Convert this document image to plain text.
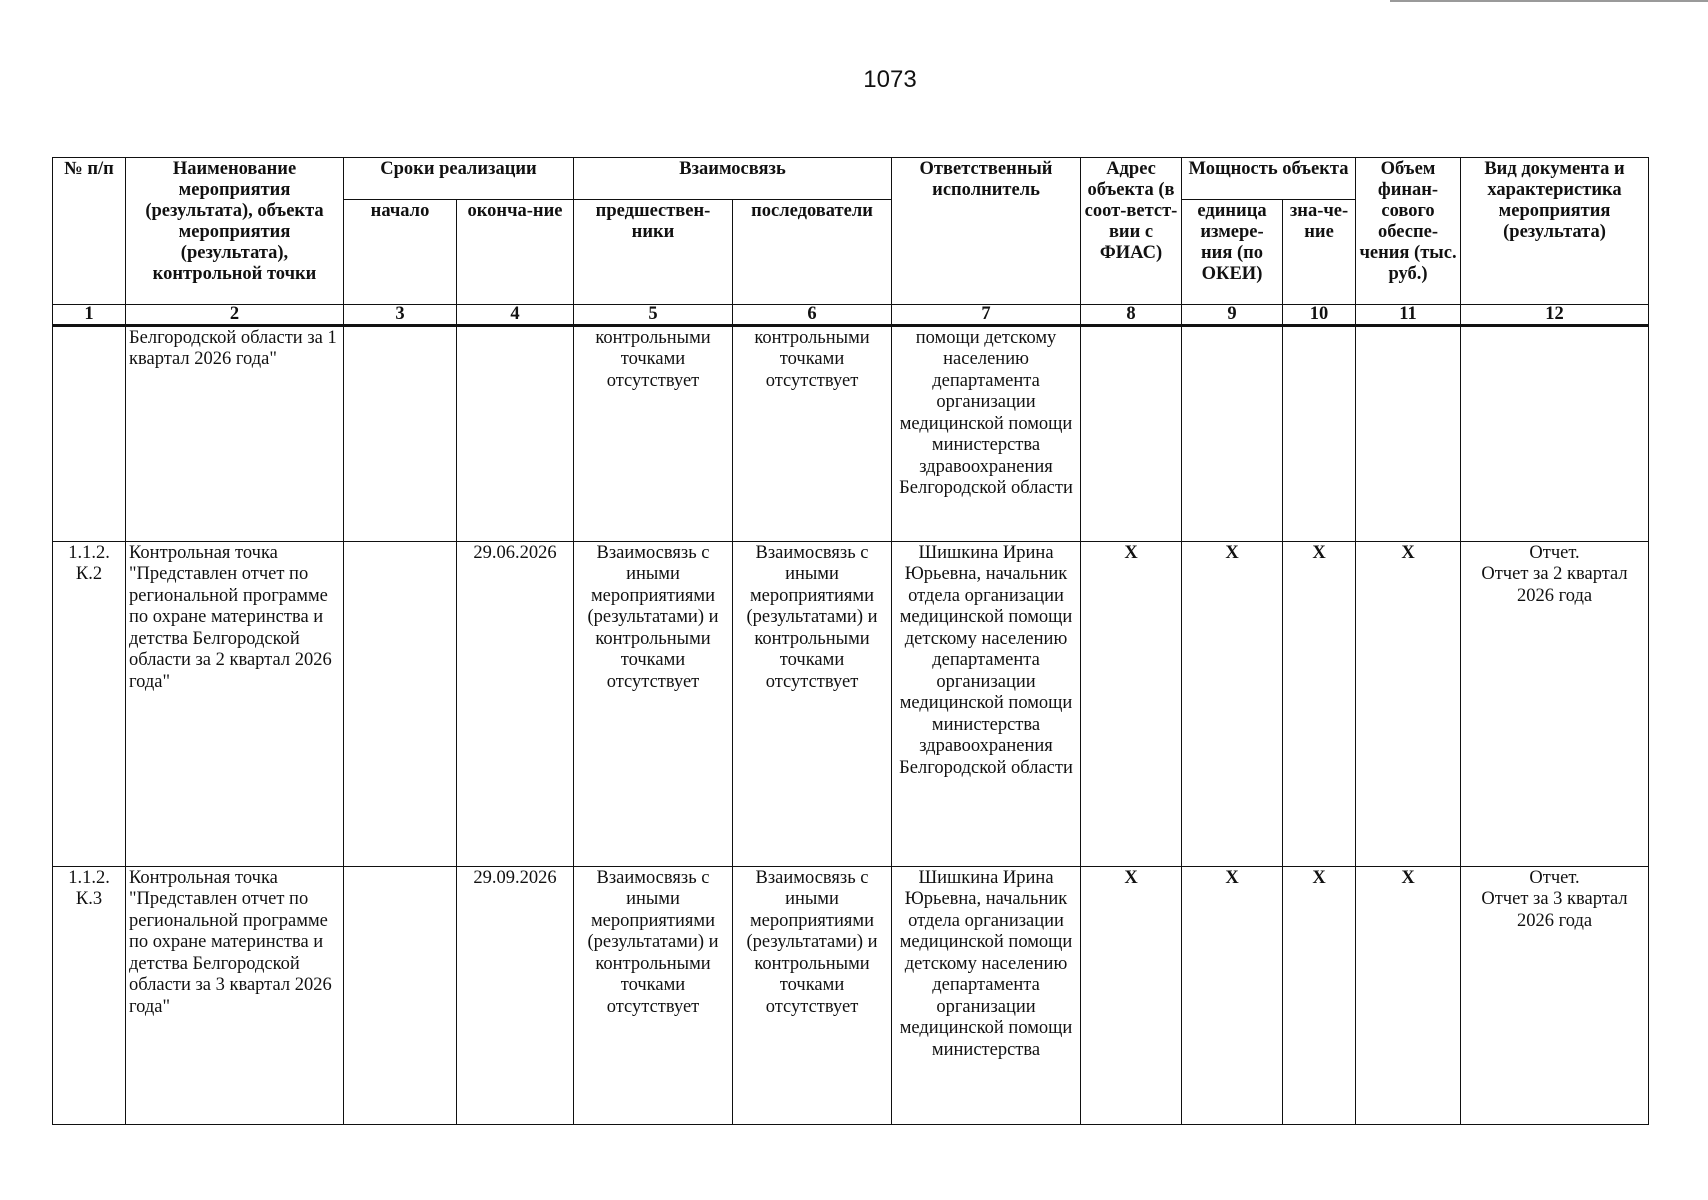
1073
№ п/п	Наименование мероприятия (результата), объекта мероприятия (результата), контрольной точки	Сроки реализации		Взаимосвязь		Ответственный исполнитель	Адрес объекта (в соот-ветст-вии с ФИАС)	Мощность объекта		Объем финан-сового обеспе-чения (тыс. руб.)	Вид документа и характеристика мероприятия (результата)
		начало	оконча-ние	предшествен-ники	последователи			единица измере-ния (по ОКЕИ)	зна-че-ние		
1	2	3	4	5	6	7	8	9	10	11	12
	Белгородской области за 1 квартал 2026 года"			контрольными точками отсутствует	контрольными точками отсутствует	помощи детскому населению департамента организации медицинской помощи министерства здравоохранения Белгородской области					

1.1.2. К.2	Контрольная точка "Представлен отчет по региональной программе по охране материнства и детства Белгородской области за 2 квартал 2026 года"		29.06.2026	Взаимосвязь с иными мероприятиями (результатами) и контрольными точками отсутствует	Взаимосвязь с иными мероприятиями (результатами) и контрольными точками отсутствует	Шишкина Ирина Юрьевна, начальник отдела организации медицинской помощи детскому населению департамента организации медицинской помощи министерства здравоохранения Белгородской области	X	X	X	X	Отчет.
Отчет за 2 квартал 2026 года

1.1.2. К.3	Контрольная точка "Представлен отчет по региональной программе по охране материнства и детства Белгородской области за 3 квартал 2026 года"		29.09.2026	Взаимосвязь с иными мероприятиями (результатами) и контрольными точками отсутствует	Взаимосвязь с иными мероприятиями (результатами) и контрольными точками отсутствует	Шишкина Ирина Юрьевна, начальник отдела организации медицинской помощи детскому населению департамента организации медицинской помощи министерства	X	X	X	X	Отчет.
Отчет за 3 квартал 2026 года
